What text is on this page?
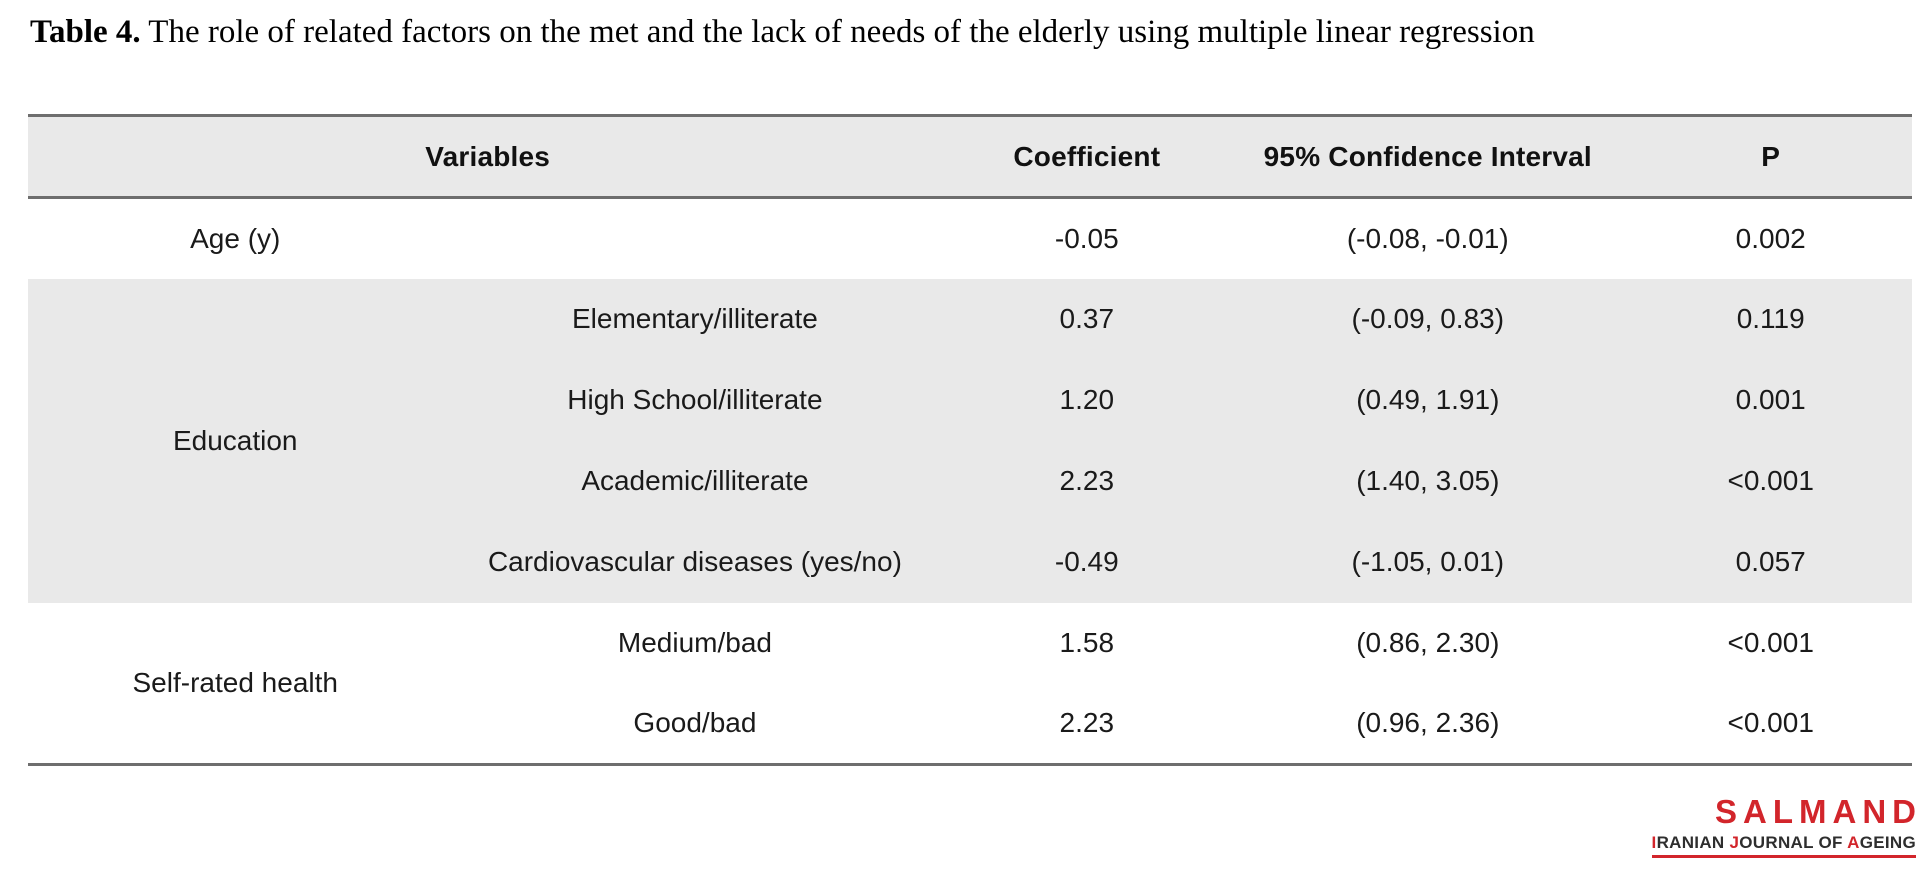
Table 4. The role of related factors on the met and the lack of needs of the elderly using multiple linear regression
Variables		Coefficient	95% Confidence Interval	P
Age (y)		-0.05	(-0.08, -0.01)	0.002
Education	Elementary/illiterate	0.37	(-0.09, 0.83)	0.119
	High School/illiterate	1.20	(0.49, 1.91)	0.001
	Academic/illiterate	2.23	(1.40, 3.05)	<0.001
	Cardiovascular diseases (yes/no)	-0.49	(-1.05, 0.01)	0.057
Self-rated health	Medium/bad	1.58	(0.86, 2.30)	<0.001
	Good/bad	2.23	(0.96, 2.36)	<0.001
SALMAND
IRANIAN JOURNAL OF AGEING
